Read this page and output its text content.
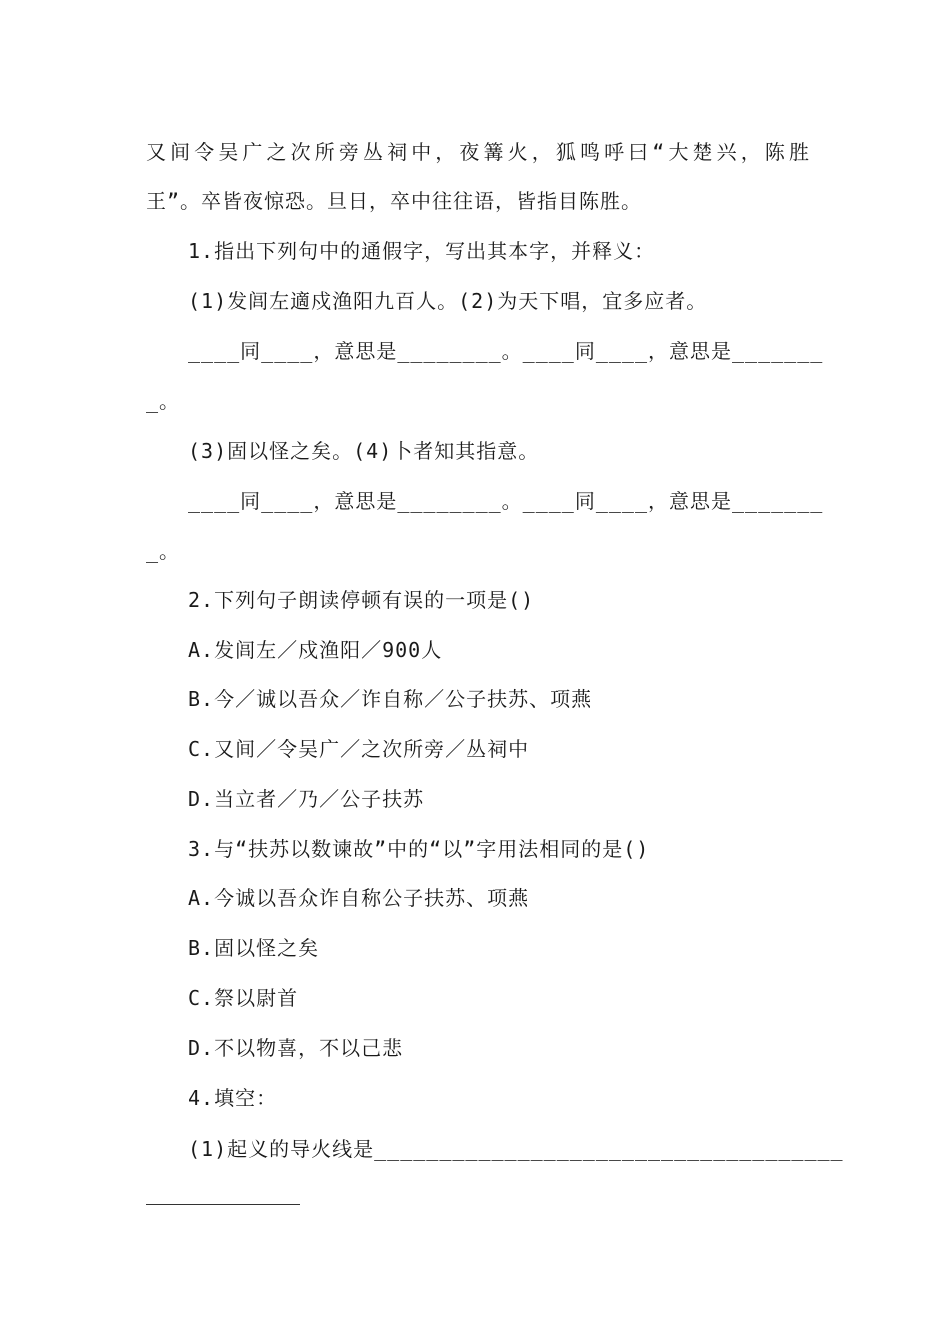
又间令吴广之次所旁丛祠中，夜篝火，狐鸣呼曰“大楚兴，陈胜
王”。卒皆夜惊恐。旦日，卒中往往语，皆指目陈胜。
1.指出下列句中的通假字，写出其本字，并释义：
(1)发闾左適戍渔阳九百人。(2)为天下唱，宜多应者。
____同____，意思是________。____同____，意思是_______
_。
(3)固以怪之矣。(4)卜者知其指意。
____同____，意思是________。____同____，意思是_______
_。
2.下列句子朗读停顿有误的一项是()
A.发闾左／戍渔阳／900人
B.今／诚以吾众／诈自称／公子扶苏、项燕
C.又间／令吴广／之次所旁／丛祠中
D.当立者／乃／公子扶苏
3.与“扶苏以数谏故”中的“以”字用法相同的是()
A.今诚以吾众诈自称公子扶苏、项燕
B.固以怪之矣
C.祭以尉首
D.不以物喜，不以己悲
4.填空：
(1)起义的导火线是____________________________________
